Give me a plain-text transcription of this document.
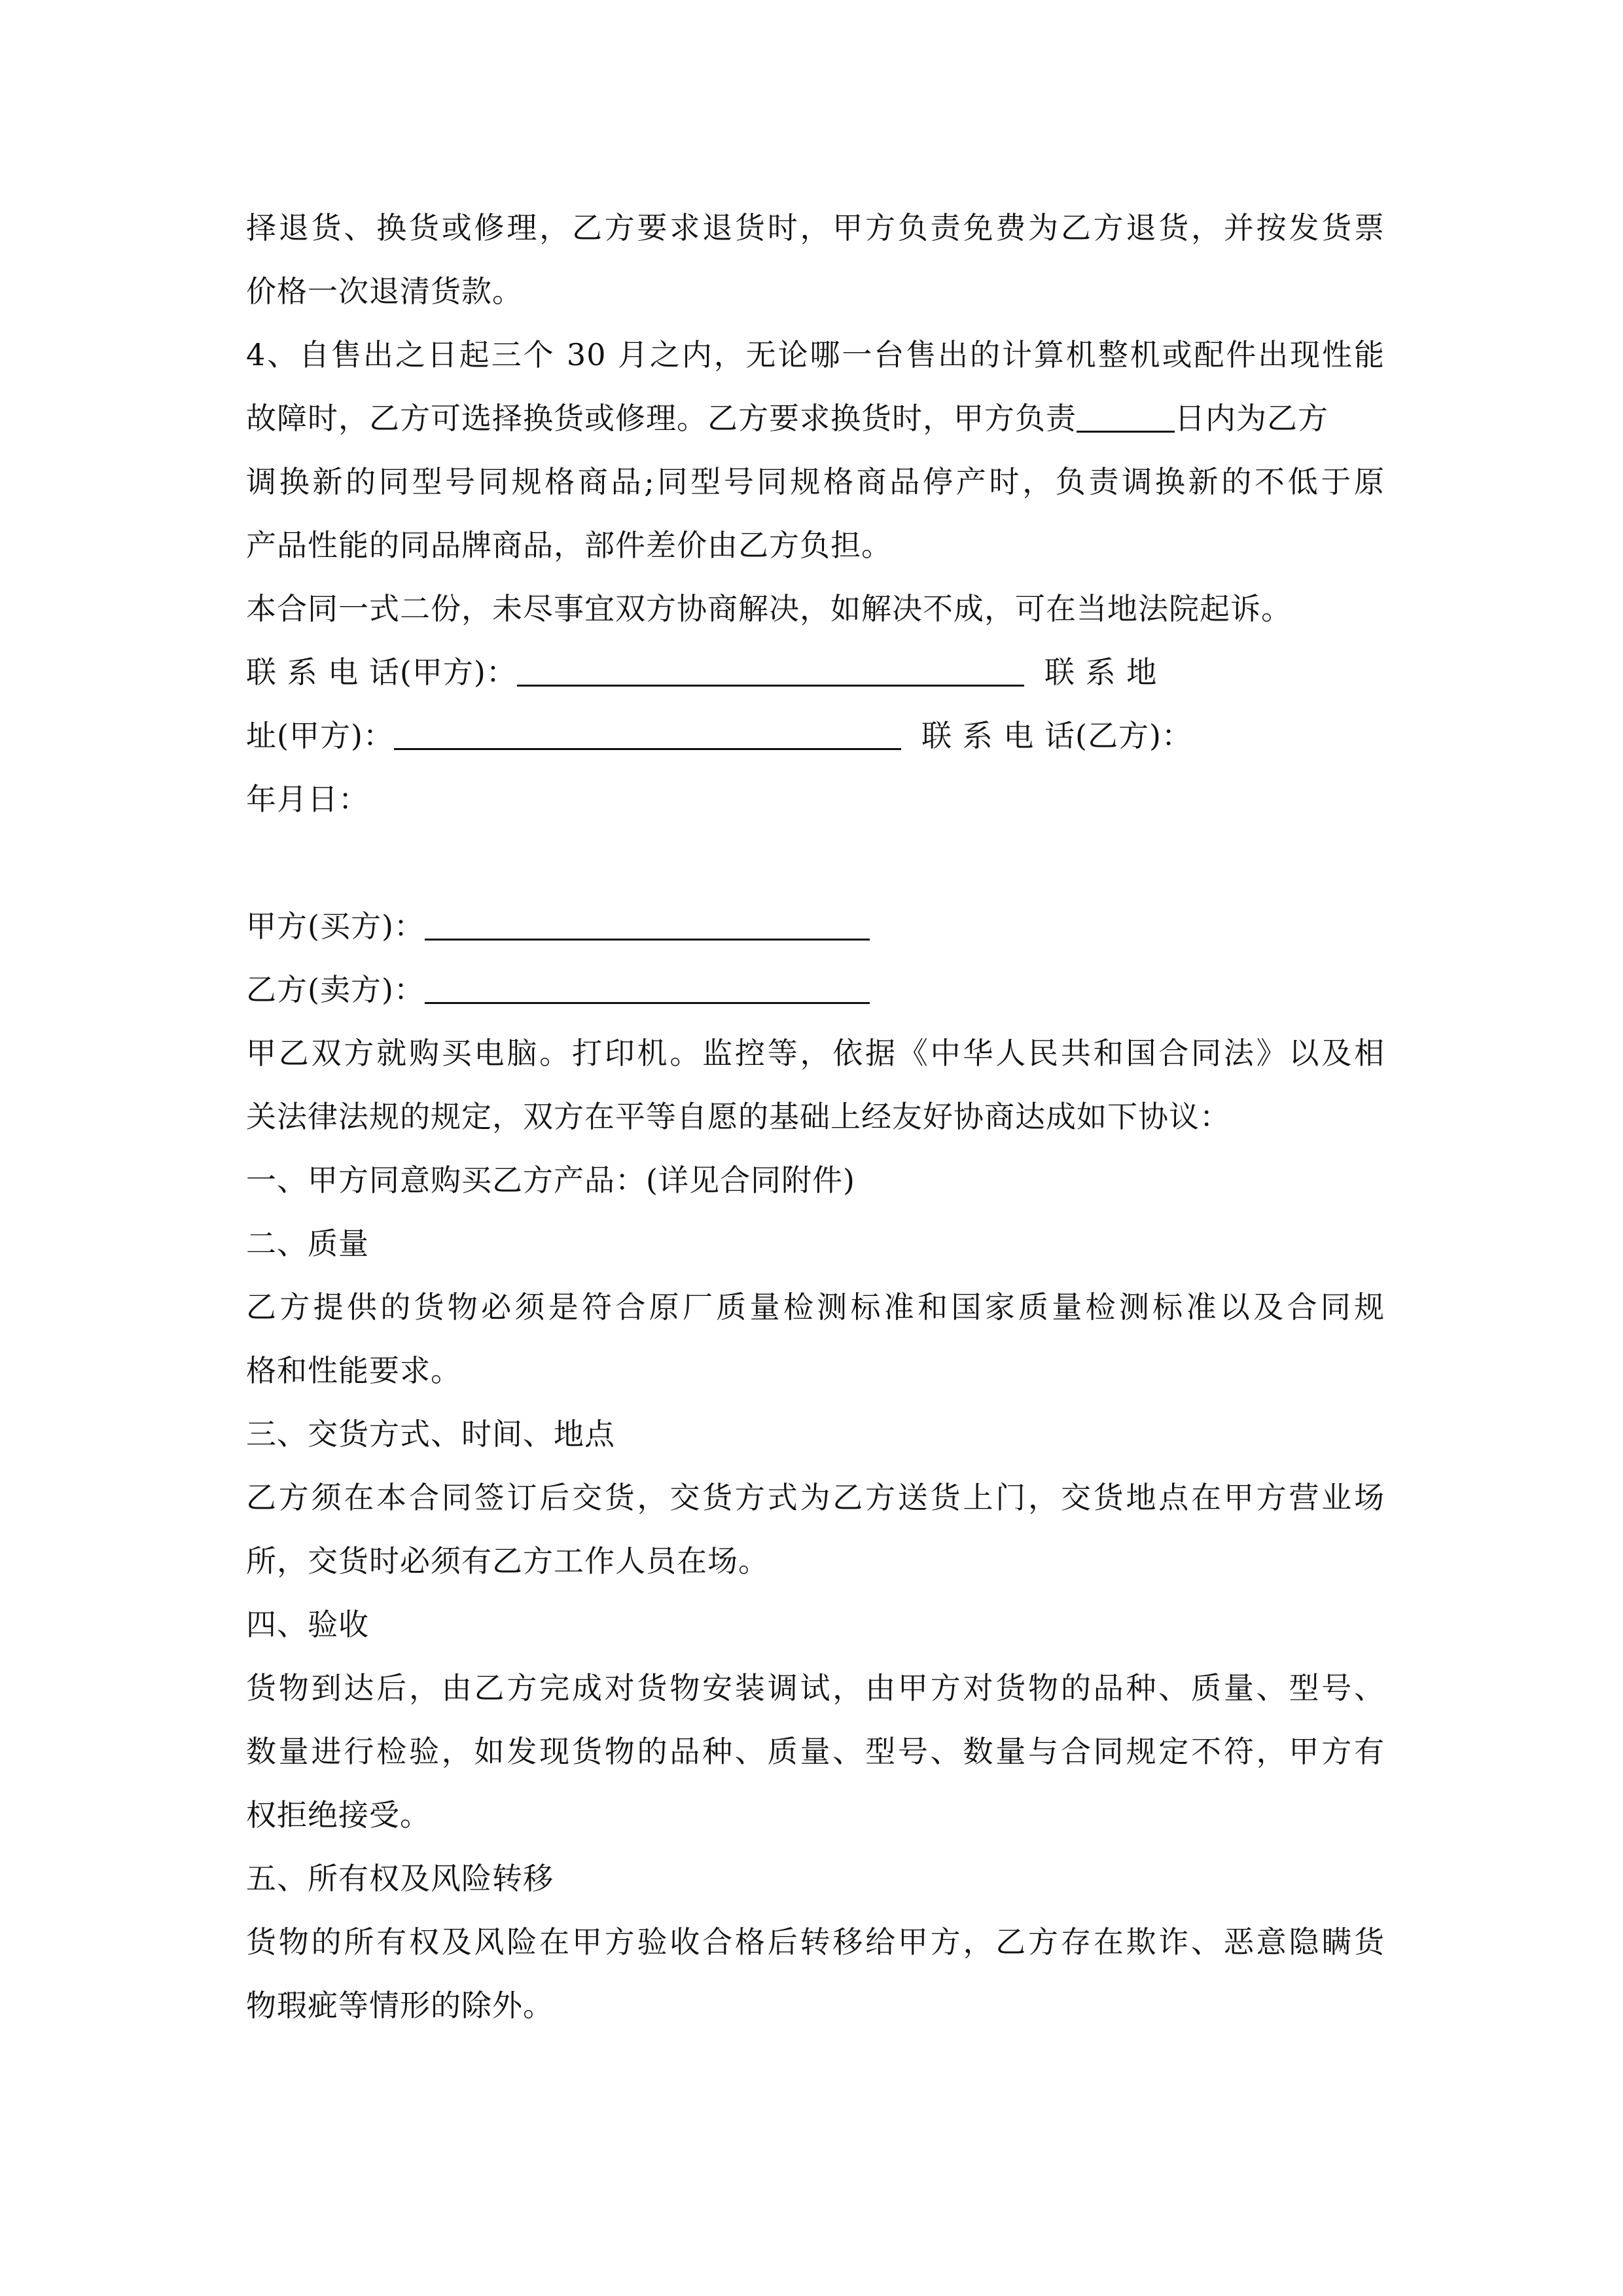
择退货、换货或修理，乙方要求退货时，甲方负责免费为乙方退货，并按发货票
价格一次退清货款。
4、自售出之日起三个 30 月之内，无论哪一台售出的计算机整机或配件出现性能
故障时，乙方可选择换货或修理。乙方要求换货时，甲方负责	日内为乙方
调换新的同型号同规格商品;同型号同规格商品停产时，负责调换新的不低于原
产品性能的同品牌商品，部件差价由乙方负担。
本合同一式二份，未尽事宜双方协商解决，如解决不成，可在当地法院起诉。
联 系 电 话(甲方)：	联 系 地
址(甲方)：	联 系 电 话(乙方)：
年月日：
甲方(买方)：
乙方(卖方)：
甲乙双方就购买电脑。打印机。监控等，依据《中华人民共和国合同法》以及相
关法律法规的规定，双方在平等自愿的基础上经友好协商达成如下协议：
一、甲方同意购买乙方产品：(详见合同附件)
二、质量
乙方提供的货物必须是符合原厂质量检测标准和国家质量检测标准以及合同规
格和性能要求。
三、交货方式、时间、地点
乙方须在本合同签订后交货，交货方式为乙方送货上门，交货地点在甲方营业场
所，交货时必须有乙方工作人员在场。
四、验收
货物到达后，由乙方完成对货物安装调试，由甲方对货物的品种、质量、型号、
数量进行检验，如发现货物的品种、质量、型号、数量与合同规定不符，甲方有
权拒绝接受。
五、所有权及风险转移
货物的所有权及风险在甲方验收合格后转移给甲方，乙方存在欺诈、恶意隐瞒货
物瑕疵等情形的除外。
